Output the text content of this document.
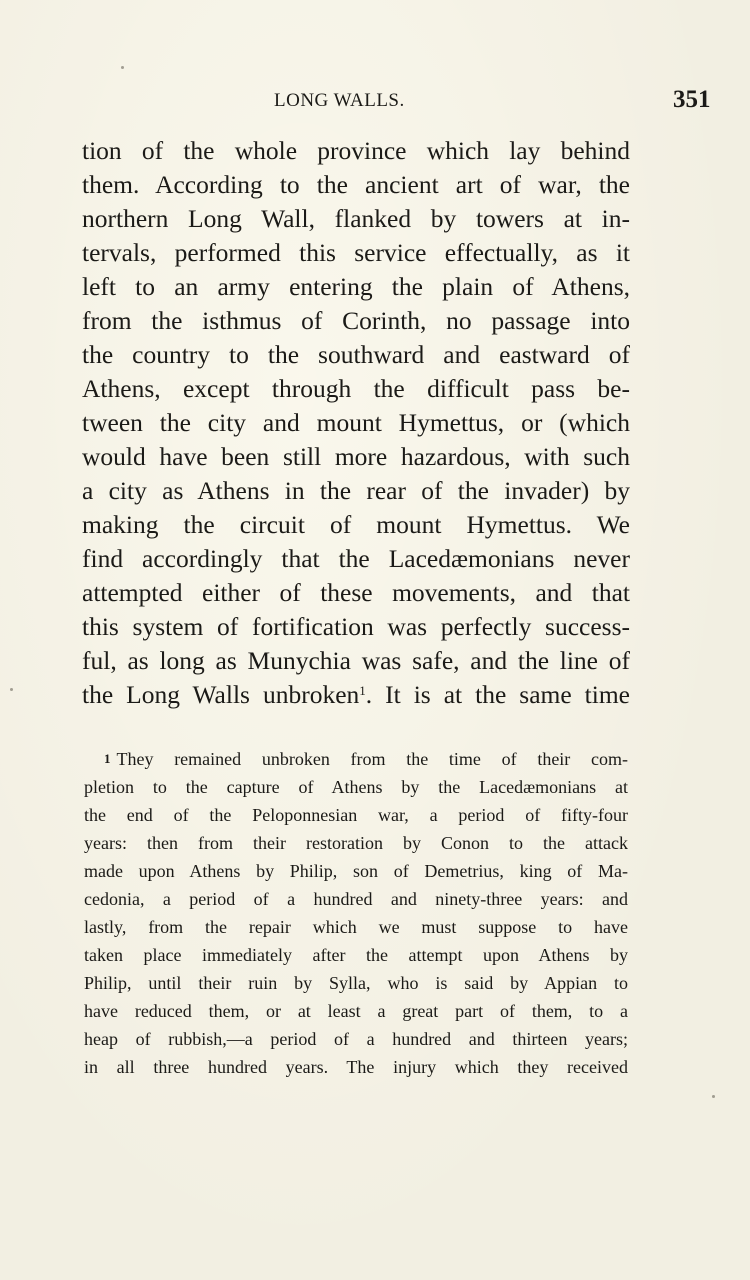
LONG WALLS.	351
tion of the whole province which lay behind
them. According to the ancient art of war, the
northern Long Wall, flanked by towers at in-
tervals, performed this service effectually, as it
left to an army entering the plain of Athens,
from the isthmus of Corinth, no passage into
the country to the southward and eastward of
Athens, except through the difficult pass be-
tween the city and mount Hymettus, or (which
would have been still more hazardous, with such
a city as Athens in the rear of the invader) by
making the circuit of mount Hymettus. We
find accordingly that the Lacedæmonians never
attempted either of these movements, and that
this system of fortification was perfectly success-
ful, as long as Munychia was safe, and the line of
the Long Walls unbroken$^1$. It is at the same time
1 They remained unbroken from the time of their com-
pletion to the capture of Athens by the Lacedæmonians at
the end of the Peloponnesian war, a period of fifty-four
years: then from their restoration by Conon to the attack
made upon Athens by Philip, son of Demetrius, king of Ma-
cedonia, a period of a hundred and ninety-three years: and
lastly, from the repair which we must suppose to have
taken place immediately after the attempt upon Athens by
Philip, until their ruin by Sylla, who is said by Appian to
have reduced them, or at least a great part of them, to a
heap of rubbish,—a period of a hundred and thirteen years;
in all three hundred years. The injury which they received
